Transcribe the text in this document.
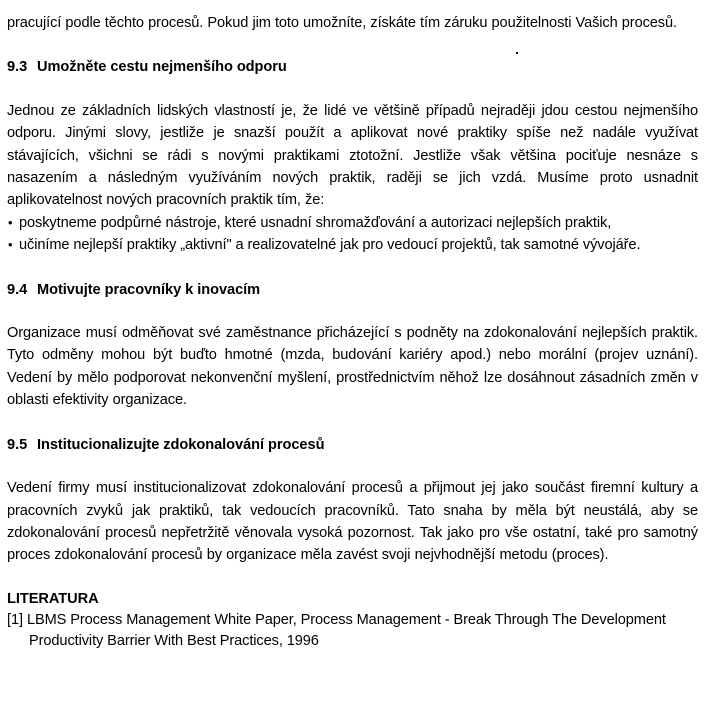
pracující podle těchto procesů. Pokud jim toto umožníte, získáte tím záruku použitelnosti Vašich procesů.

9.3 Umožněte cestu nejmenšího odporu

Jednou ze základních lidských vlastností je, že lidé ve většině případů nejraději jdou cestou nejmenšího odporu. Jinými slovy, jestliže je snazší použít a aplikovat nové praktiky spíše než nadále využívat stávajících, všichni se rádi s novými praktikami ztotožní. Jestliže však většina pociťuje nesnáze s nasazením a následným využíváním nových praktik, raději se jich vzdá. Musíme proto usnadnit aplikovatelnost nových pracovních praktik tím, že:

• poskytneme podpůrné nástroje, které usnadní shromažďování a autorizaci nejlepších praktik,
• učiníme nejlepší praktiky „aktivní" a realizovatelné jak pro vedoucí projektů, tak samotné vývojáře.
9.4 Motivujte pracovníky k inovacím

Organizace musí odměňovat své zaměstnance přicházející s podněty na zdokonalování nejlepších praktik. Tyto odměny mohou být buďto hmotné (mzda, budování kariéry apod.) nebo morální (projev uznání). Vedení by mělo podporovat nekonvenční myšlení, prostřednictvím něhož lze dosáhnout zásadních změn v oblasti efektivity organizace.

9.5 Institucionalizujte zdokonalování procesů

Vedení firmy musí institucionalizovat zdokonalování procesů a přijmout jej jako součást firemní kultury a pracovních zvyků jak praktiků, tak vedoucích pracovníků. Tato snaha by měla být neustálá, aby se zdokonalování procesů nepřetržitě věnovala vysoká pozornost. Tak jako pro vše ostatní, také pro samotný proces zdokonalování procesů by organizace měla zavést svoji nejvhodnější metodu (proces).

LITERATURA

[1] LBMS Process Management White Paper, Process Management - Break Through The Development Productivity Barrier With Best Practices, 1996
